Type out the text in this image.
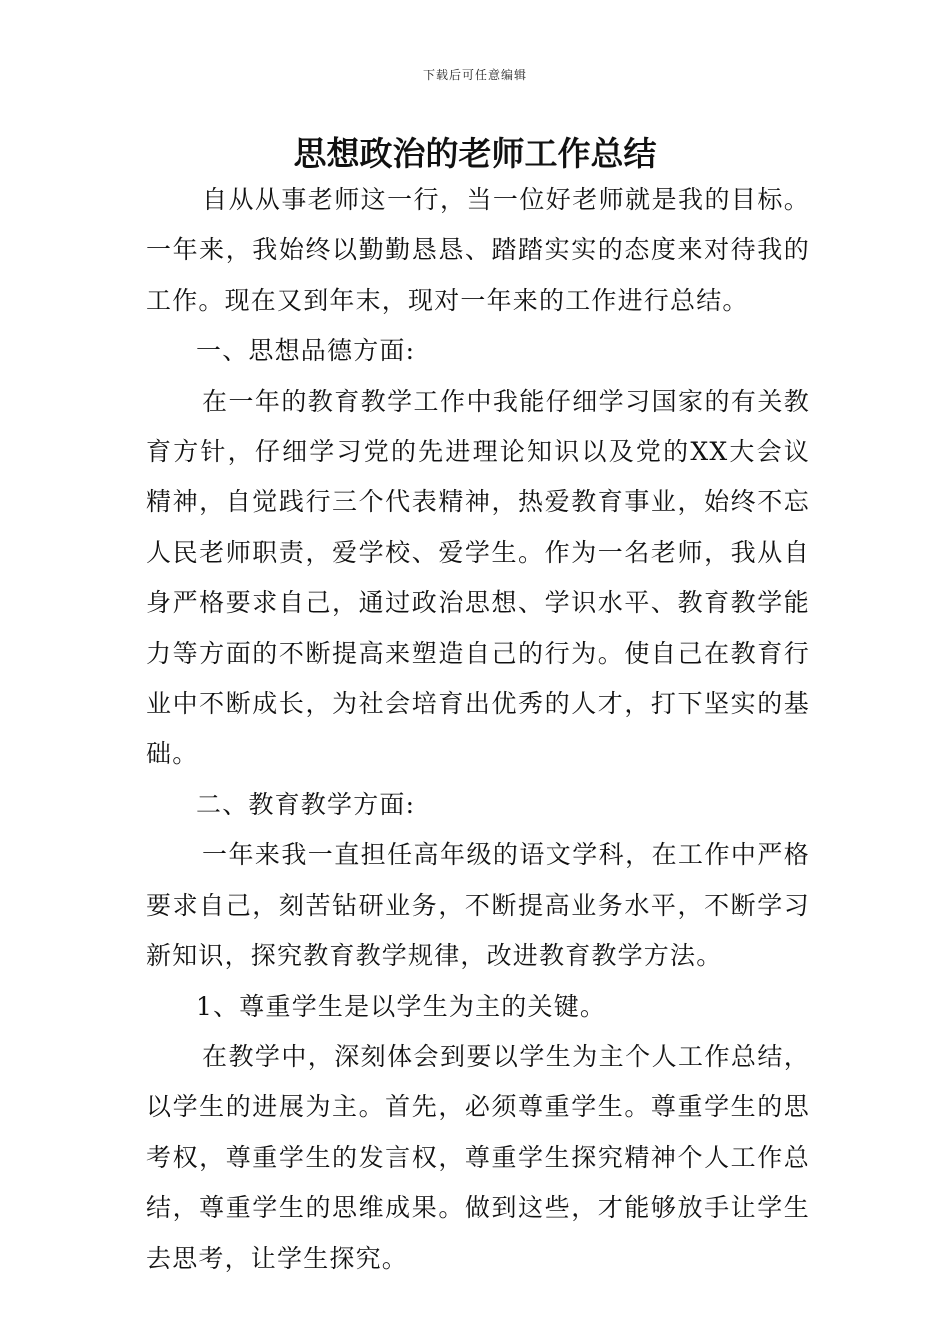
下载后可任意编辑
思想政治的老师工作总结

自从从事老师这一行，当一位好老师就是我的目标。一年来，我始终以勤勤恳恳、踏踏实实的态度来对待我的工作。现在又到年末，现对一年来的工作进行总结。

一、思想品德方面:

在一年的教育教学工作中我能仔细学习国家的有关教育方针，仔细学习党的先进理论知识以及党的XX大会议精神，自觉践行三个代表精神，热爱教育事业，始终不忘人民老师职责，爱学校、爱学生。作为一名老师，我从自身严格要求自己，通过政治思想、学识水平、教育教学能力等方面的不断提高来塑造自己的行为。使自己在教育行业中不断成长，为社会培育出优秀的人才，打下坚实的基础。

二、教育教学方面:

一年来我一直担任高年级的语文学科，在工作中严格要求自己，刻苦钻研业务，不断提高业务水平，不断学习新知识，探究教育教学规律，改进教育教学方法。

1、尊重学生是以学生为主的关键。

在教学中，深刻体会到要以学生为主个人工作总结，以学生的进展为主。首先，必须尊重学生。尊重学生的思考权，尊重学生的发言权，尊重学生探究精神个人工作总结，尊重学生的思维成果。做到这些，才能够放手让学生去思考，让学生探究。
